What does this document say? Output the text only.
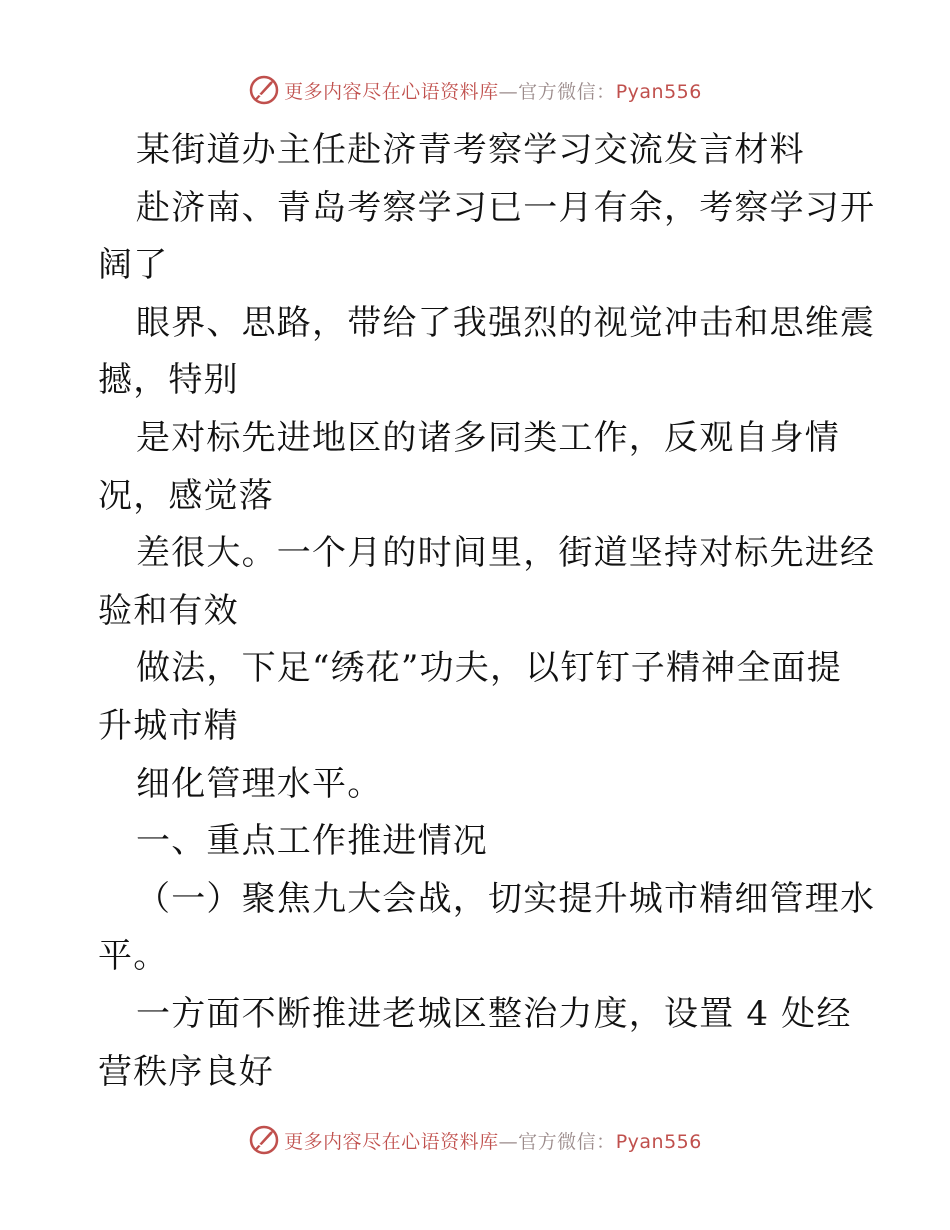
更多内容尽在心语资料库—官方微信：Pyan556
某街道办主任赴济青考察学习交流发言材料
赴济南、青岛考察学习已一月有余，考察学习开
阔了
眼界、思路，带给了我强烈的视觉冲击和思维震
撼，特别
是对标先进地区的诸多同类工作，反观自身情
况，感觉落
差很大。一个月的时间里，街道坚持对标先进经
验和有效
做法，下足“绣花”功夫，以钉钉子精神全面提
升城市精
细化管理水平。
一、重点工作推进情况
（一）聚焦九大会战，切实提升城市精细管理水
平。
一方面不断推进老城区整治力度，设置 4 处经
营秩序良好
更多内容尽在心语资料库—官方微信：Pyan556
